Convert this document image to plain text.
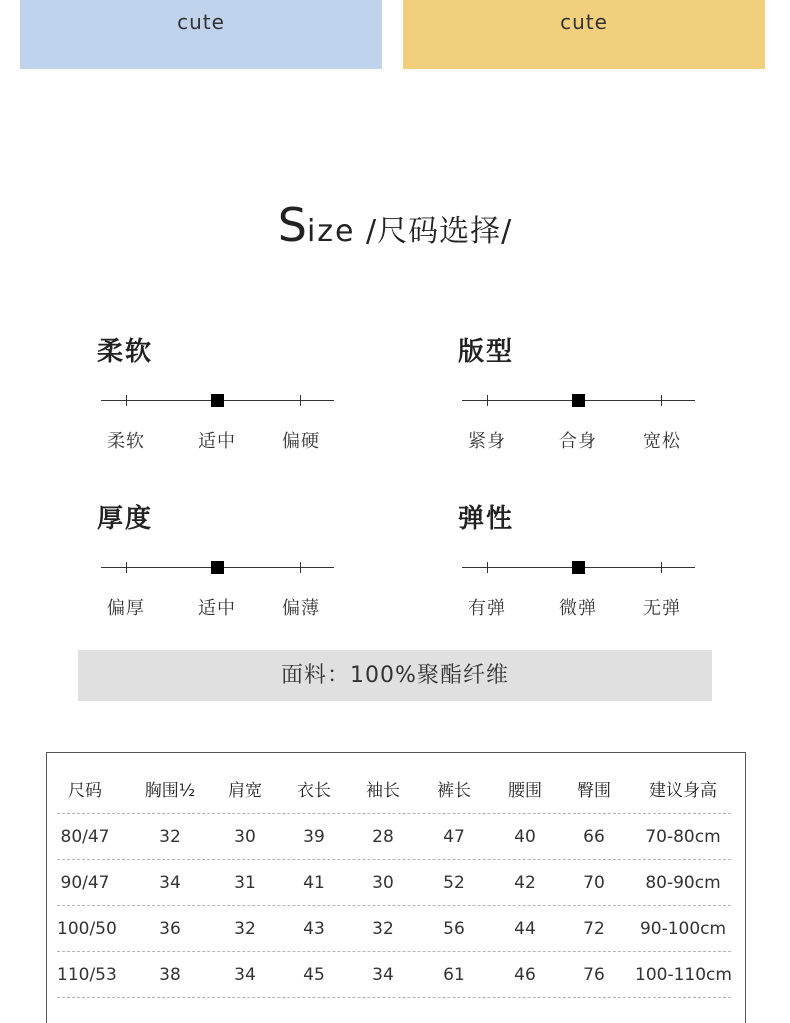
cute	cute
Size /尺码选择/
柔软
柔软	适中	偏硬
版型
紧身	合身	宽松
厚度
偏厚	适中	偏薄
弹性
有弹	微弹	无弹
面料：100%聚酯纤维
尺码	胸围½	肩宽	衣长	袖长	裤长	腰围	臀围	建议身高
80/47	32	30	39	28	47	40	66	70-80cm
90/47	34	31	41	30	52	42	70	80-90cm
100/50	36	32	43	32	56	44	72	90-100cm
110/53	38	34	45	34	61	46	76	100-110cm
